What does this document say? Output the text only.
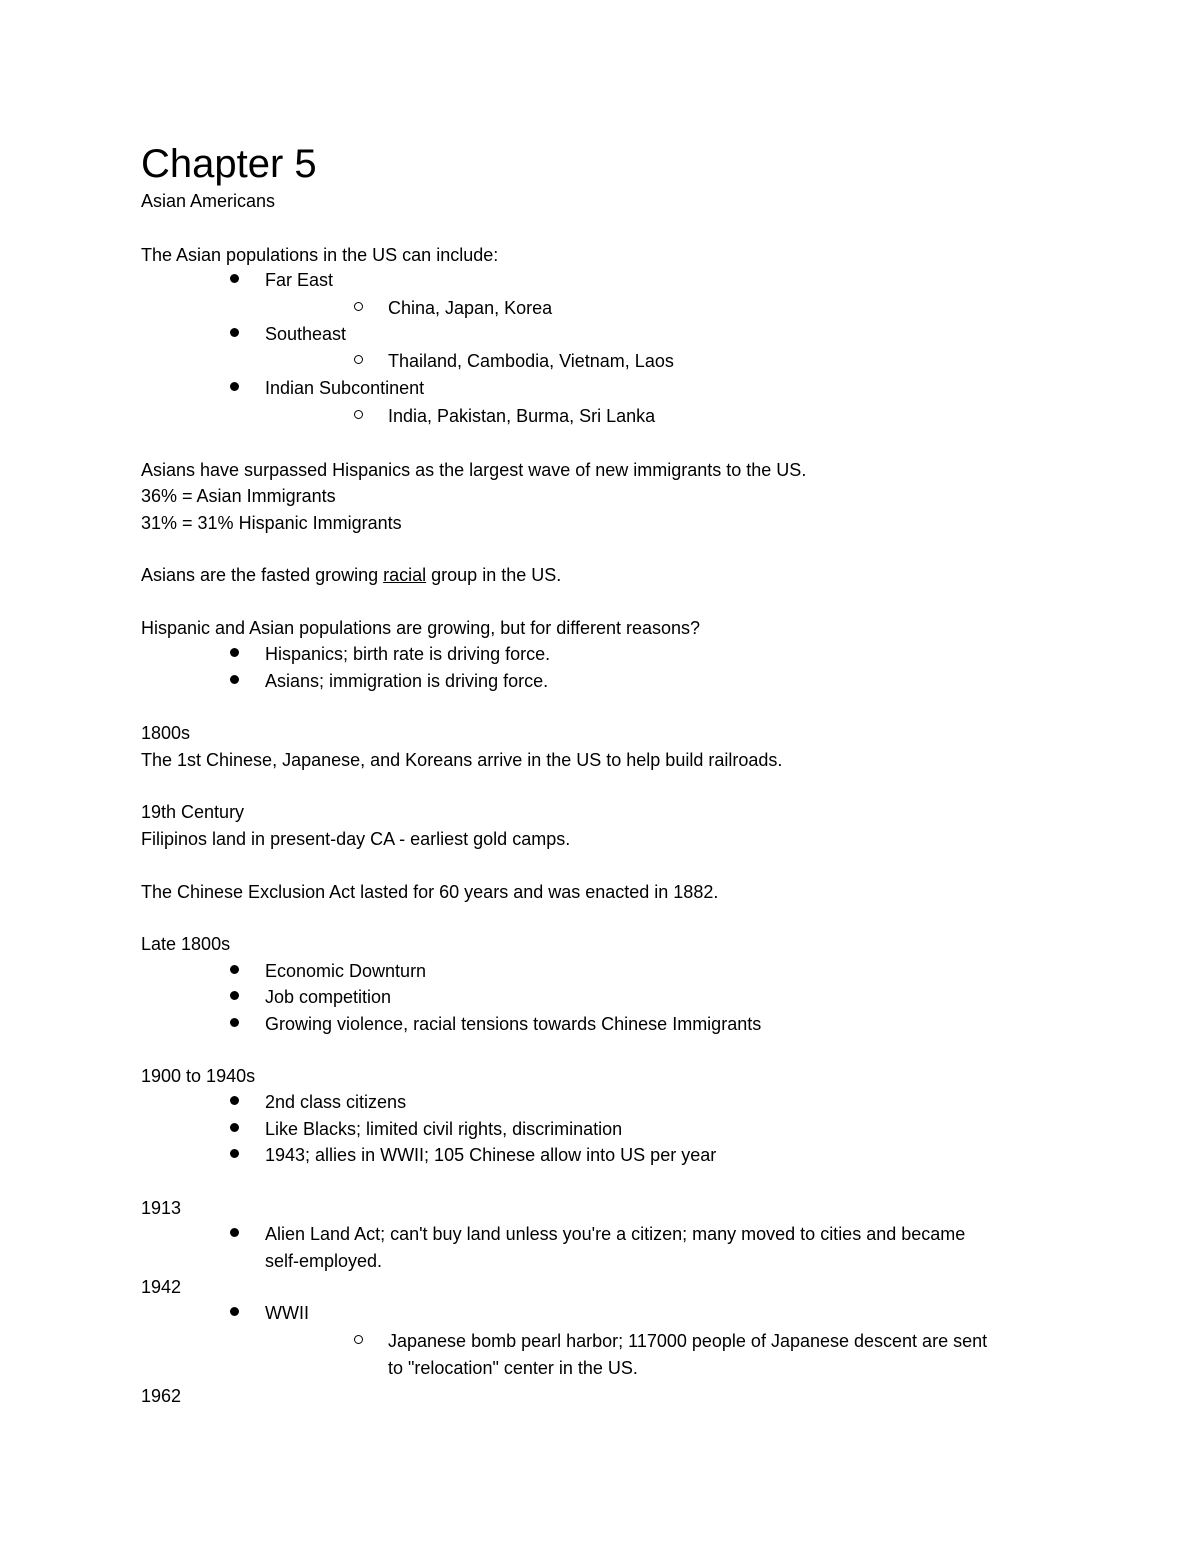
Chapter 5
Asian Americans
The Asian populations in the US can include:
Far East
China, Japan, Korea
Southeast
Thailand, Cambodia, Vietnam, Laos
Indian Subcontinent
India, Pakistan, Burma, Sri Lanka
Asians have surpassed Hispanics as the largest wave of new immigrants to the US.
36% = Asian Immigrants
31% = 31% Hispanic Immigrants
Asians are the fasted growing racial group in the US.
Hispanic and Asian populations are growing, but for different reasons?
Hispanics; birth rate is driving force.
Asians; immigration is driving force.
1800s
The 1st Chinese, Japanese, and Koreans arrive in the US to help build railroads.
19th Century
Filipinos land in present-day CA - earliest gold camps.
The Chinese Exclusion Act lasted for 60 years and was enacted in 1882.
Late 1800s
Economic Downturn
Job competition
Growing violence, racial tensions towards Chinese Immigrants
1900 to 1940s
2nd class citizens
Like Blacks; limited civil rights, discrimination
1943; allies in WWII; 105 Chinese allow into US per year
1913
Alien Land Act; can't buy land unless you're a citizen; many moved to cities and became
self-employed.
1942
WWII
Japanese bomb pearl harbor; 117000 people of Japanese descent are sent
to "relocation" center in the US.
1962
